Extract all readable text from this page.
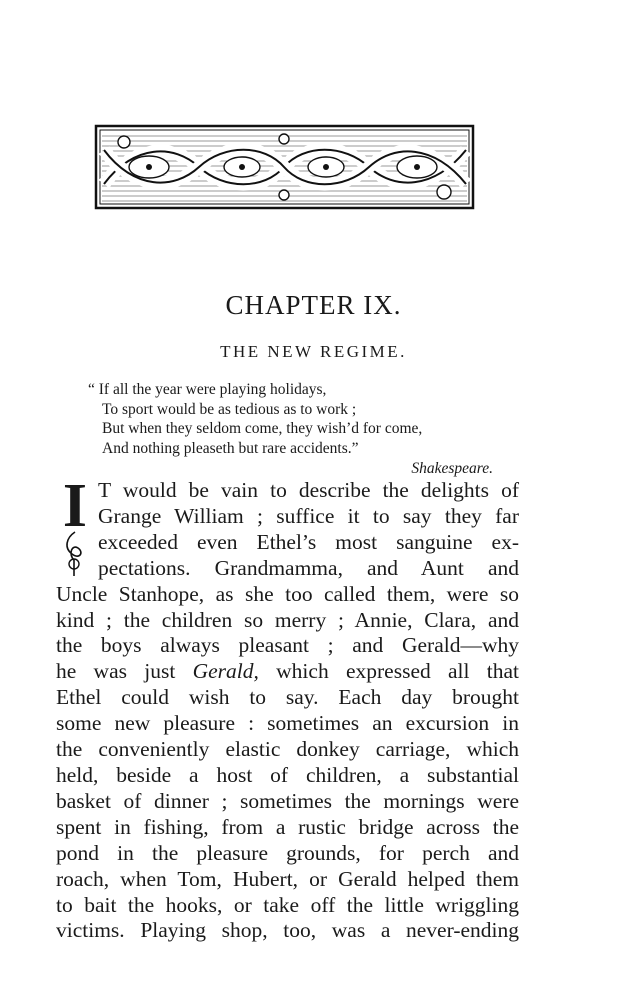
CHAPTER IX.
THE NEW REGIME.
“ If all the year were playing holidays,
To sport would be as tedious as to work ;
But when they seldom come, they wish’d for come,
And nothing pleaseth but rare accidents.”
Shakespeare.
I T would be vain to describe the delights of
Grange William ; suffice it to say they far
exceeded even Ethel’s most sanguine ex-
pectations. Grandmamma, and Aunt and
Uncle Stanhope, as she too called them, were so
kind ; the children so merry ; Annie, Clara, and
the boys always pleasant ; and Gerald—why
he was just Gerald, which expressed all that
Ethel could wish to say. Each day brought
some new pleasure : sometimes an excursion in
the conveniently elastic donkey carriage, which
held, beside a host of children, a substantial
basket of dinner ; sometimes the mornings were
spent in fishing, from a rustic bridge across the
pond in the pleasure grounds, for perch and
roach, when Tom, Hubert, or Gerald helped them
to bait the hooks, or take off the little wriggling
victims. Playing shop, too, was a never-ending
